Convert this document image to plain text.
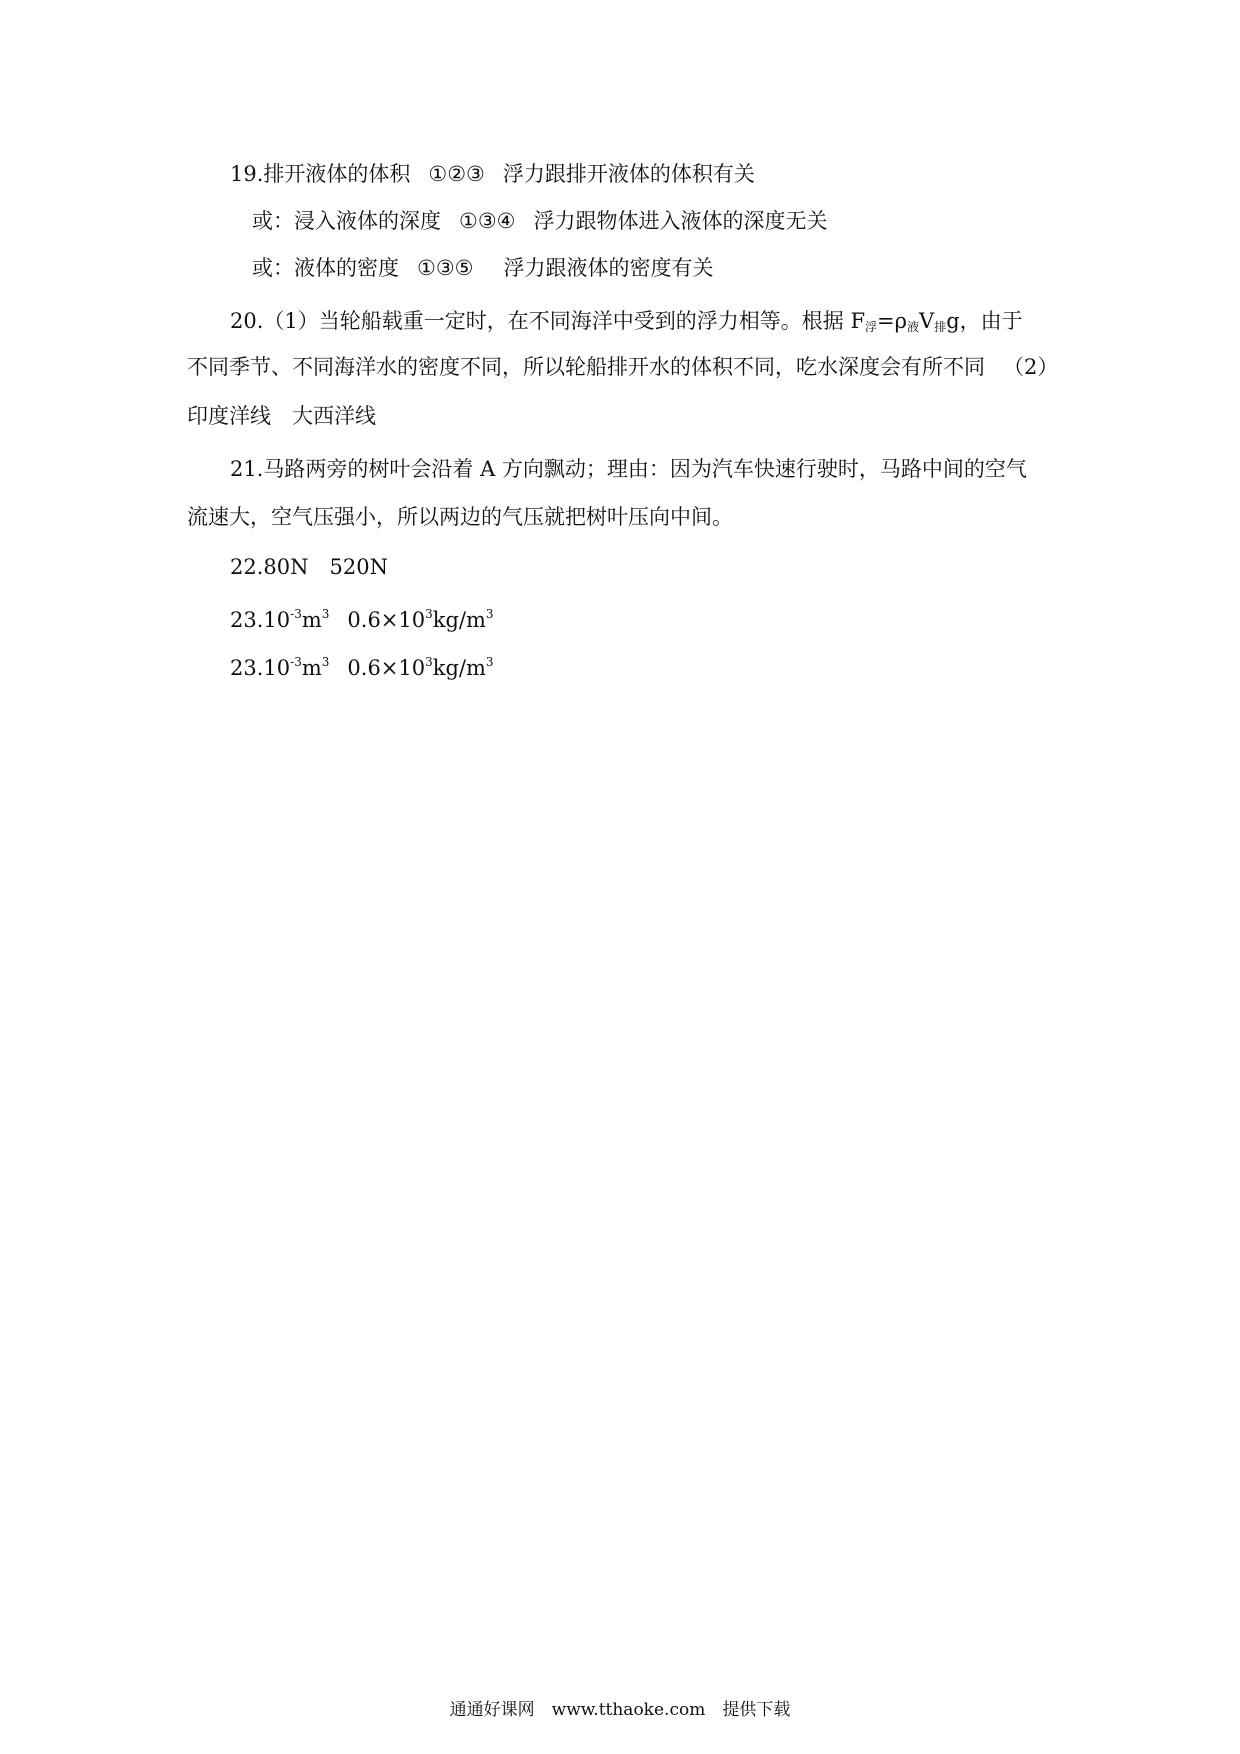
19.排开液体的体积 ①②③ 浮力跟排开液体的体积有关
或：浸入液体的深度 ①③④ 浮力跟物体进入液体的深度无关
或：液体的密度 ①③⑤ 浮力跟液体的密度有关
20.（1）当轮船载重一定时，在不同海洋中受到的浮力相等。根据 $F_浮=\rho_液V_排g$，由于
不同季节、不同海洋水的密度不同，所以轮船排开水的体积不同，吃水深度会有所不同 （2）
印度洋线　大西洋线
21.马路两旁的树叶会沿着 A 方向飘动；理由：因为汽车快速行驶时，马路中间的空气
流速大，空气压强小，所以两边的气压就把树叶压向中间。
22.80N　520N
$23.10^{-3}m^3$ $0.6\times 10^3kg/m^3$
$23.10^{-3}m^3$ $0.6\times 10^3kg/m^3$
通通好课网　www.tthaoke.com　提供下载
